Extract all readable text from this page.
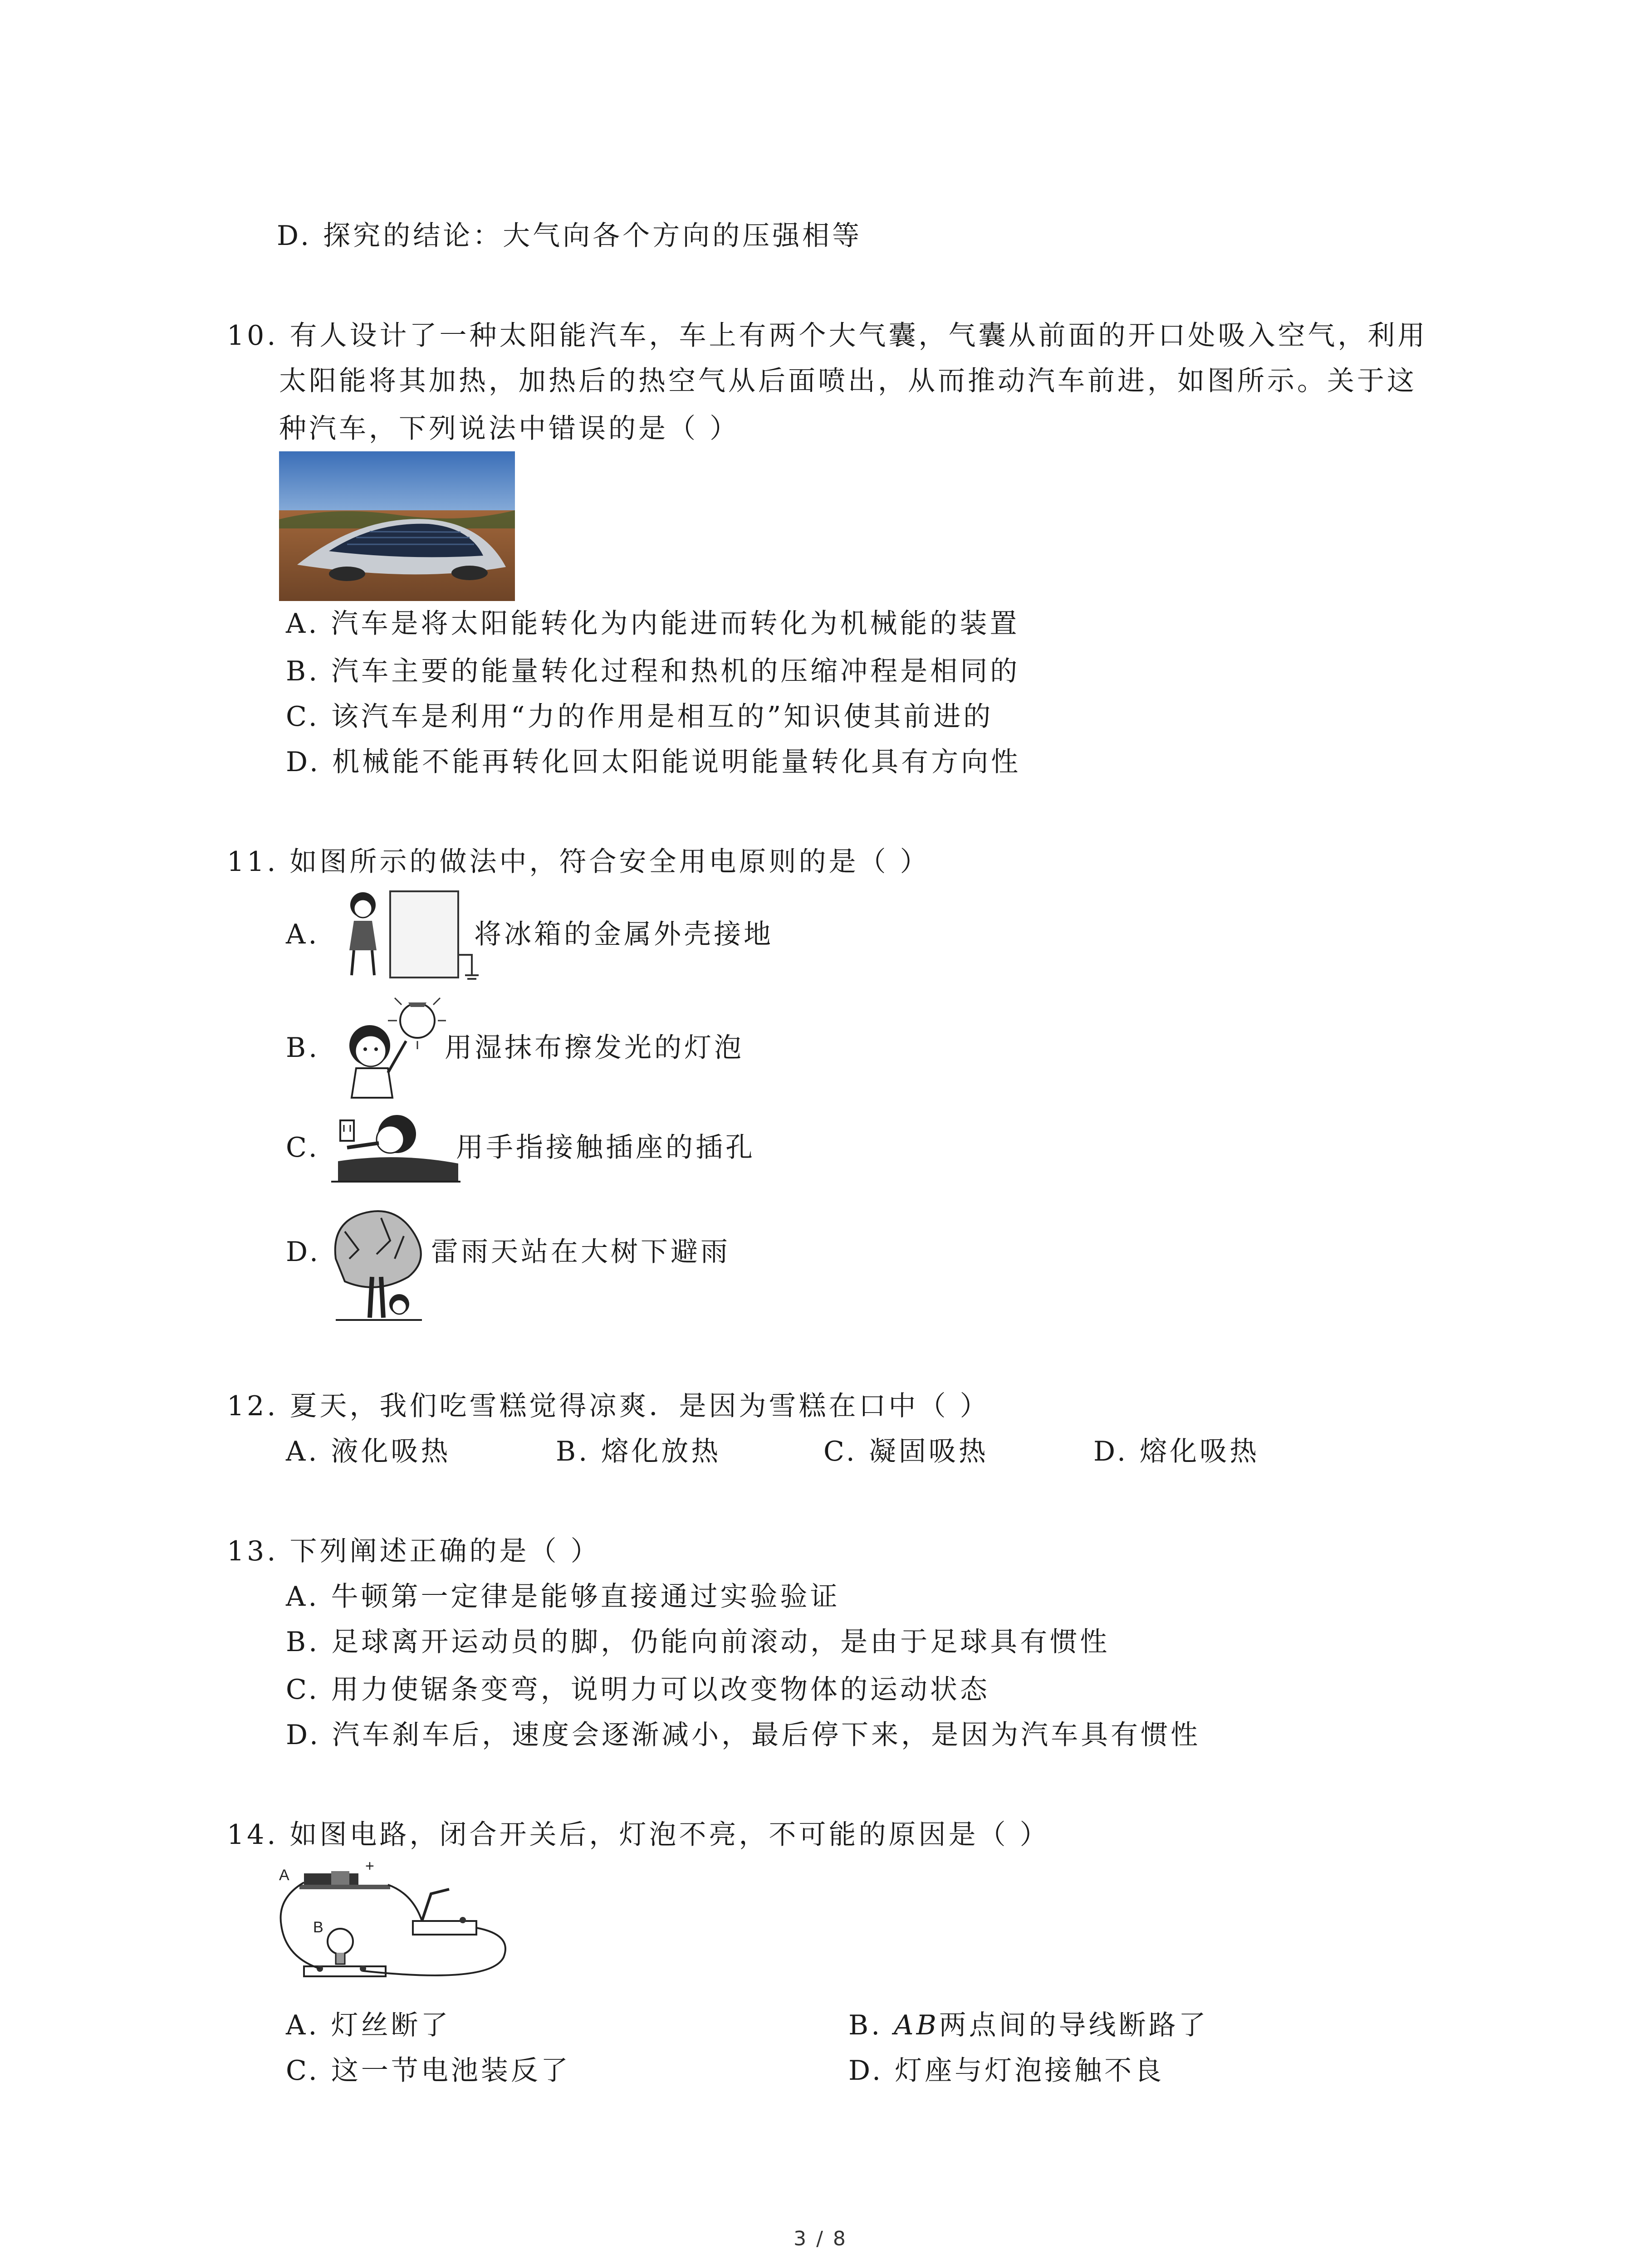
D. 探究的结论：大气向各个方向的压强相等
10. 有人设计了一种太阳能汽车，车上有两个大气囊，气囊从前面的开口处吸入空气，利用
太阳能将其加热，加热后的热空气从后面喷出，从而推动汽车前进，如图所示。关于这
种汽车，下列说法中错误的是（ ）
A. 汽车是将太阳能转化为内能进而转化为机械能的装置
B. 汽车主要的能量转化过程和热机的压缩冲程是相同的
C. 该汽车是利用“力的作用是相互的”知识使其前进的
D. 机械能不能再转化回太阳能说明能量转化具有方向性
11. 如图所示的做法中，符合安全用电原则的是（ ）
A.	将冰箱的金属外壳接地
B.	用湿抹布擦发光的灯泡
C.	用手指接触插座的插孔
D.	雷雨天站在大树下避雨
12. 夏天，我们吃雪糕觉得凉爽．是因为雪糕在口中（ ）
A. 液化吸热	B. 熔化放热	C. 凝固吸热	D. 熔化吸热
13. 下列阐述正确的是（ ）
A. 牛顿第一定律是能够直接通过实验验证
B. 足球离开运动员的脚，仍能向前滚动，是由于足球具有惯性
C. 用力使锯条变弯，说明力可以改变物体的运动状态
D. 汽车刹车后，速度会逐渐减小，最后停下来，是因为汽车具有惯性
14. 如图电路，闭合开关后，灯泡不亮，不可能的原因是（ ）
A
+
B
A. 灯丝断了	B. AB两点间的导线断路了
C. 这一节电池装反了	D. 灯座与灯泡接触不良
3 / 8
